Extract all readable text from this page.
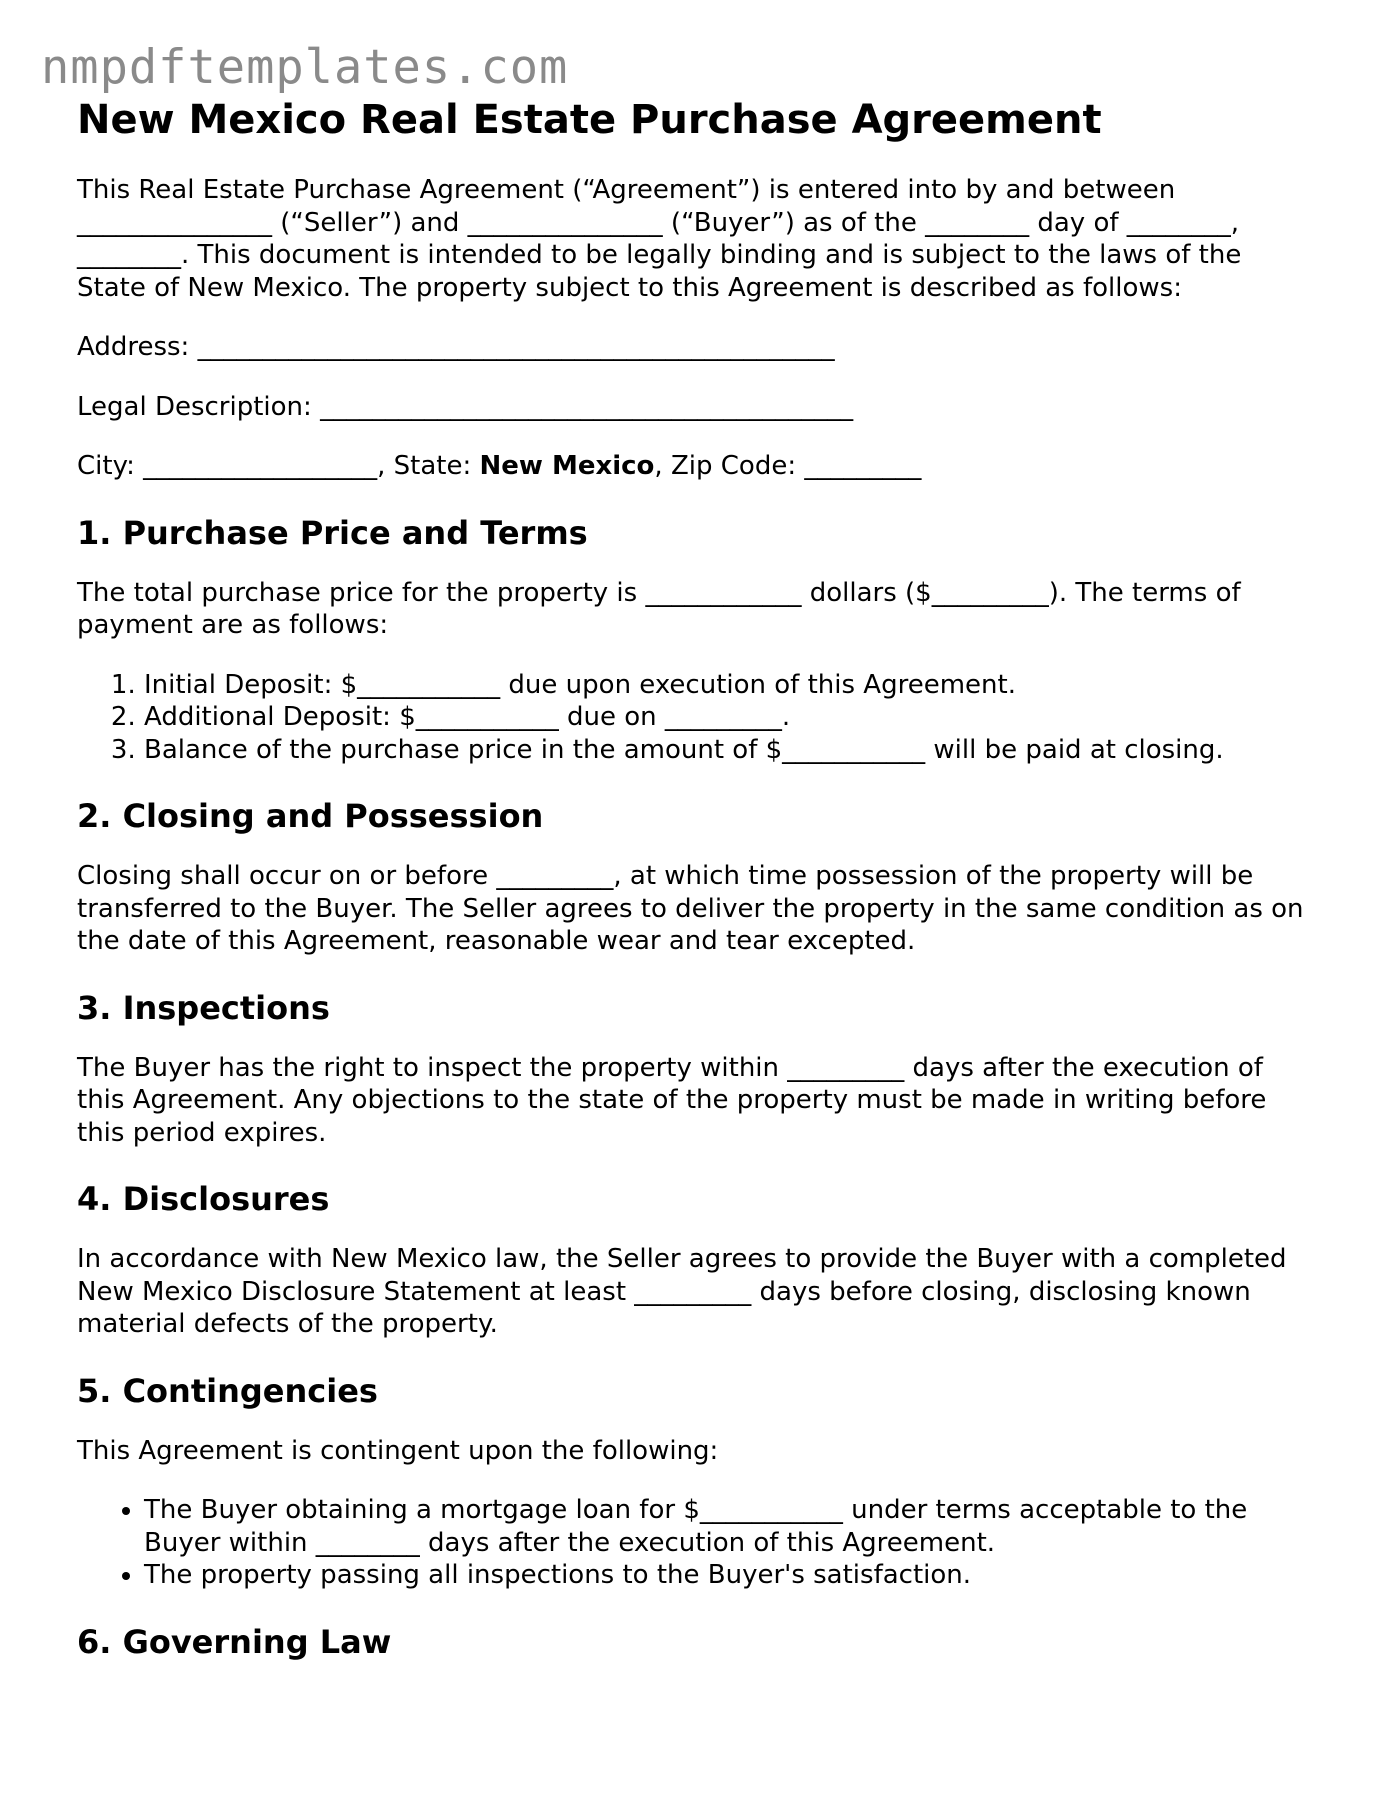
nmpdftemplates.com
New Mexico Real Estate Purchase Agreement

This Real Estate Purchase Agreement (“Agreement”) is entered into by and between _______________ (“Seller”) and _______________ (“Buyer”) as of the ________ day of ________, ________. This document is intended to be legally binding and is subject to the laws of the State of New Mexico. The property subject to this Agreement is described as follows:

Address: _________________________________________________

Legal Description: _________________________________________

City: __________________, State: New Mexico, Zip Code: _________

1. Purchase Price and Terms

The total purchase price for the property is ____________ dollars ($_________). The terms of payment are as follows:

1. Initial Deposit: $___________ due upon execution of this Agreement.
2. Additional Deposit: $___________ due on _________.
3. Balance of the purchase price in the amount of $___________ will be paid at closing.
2. Closing and Possession

Closing shall occur on or before _________, at which time possession of the property will be transferred to the Buyer. The Seller agrees to deliver the property in the same condition as on the date of this Agreement, reasonable wear and tear excepted.

3. Inspections

The Buyer has the right to inspect the property within _________ days after the execution of this Agreement. Any objections to the state of the property must be made in writing before this period expires.

4. Disclosures

In accordance with New Mexico law, the Seller agrees to provide the Buyer with a completed New Mexico Disclosure Statement at least _________ days before closing, disclosing known material defects of the property.

5. Contingencies

This Agreement is contingent upon the following:

• The Buyer obtaining a mortgage loan for $___________ under terms acceptable to the Buyer within ________ days after the execution of this Agreement.
• The property passing all inspections to the Buyer's satisfaction.
6. Governing Law
